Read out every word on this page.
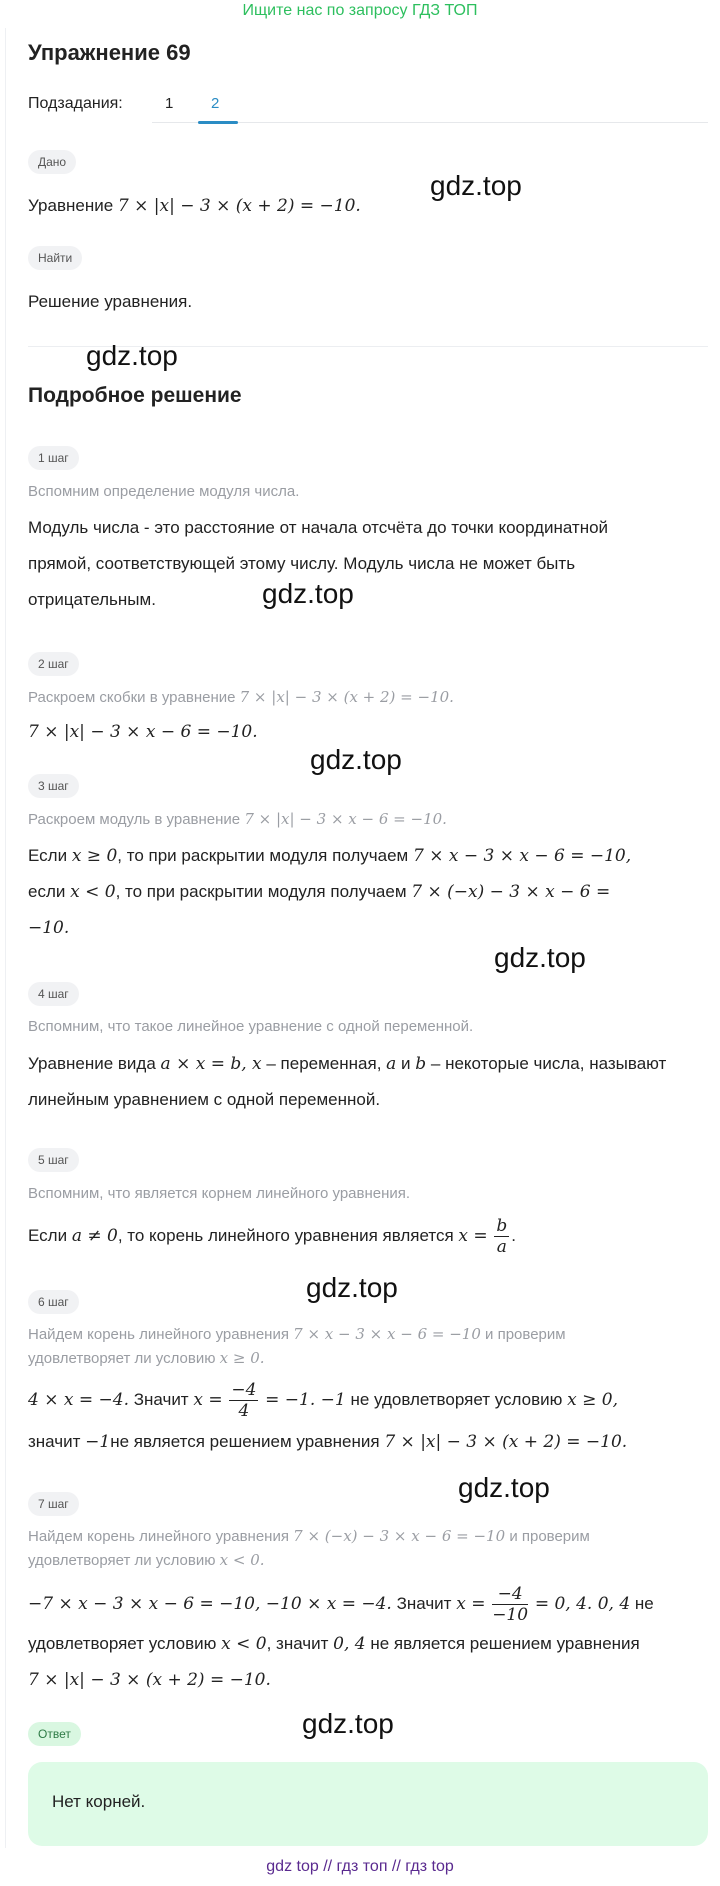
Ищите нас по запросу ГДЗ ТОП
Упражнение 69
Подзадания:	1	2
Дано
Уравнение 7 × |x| − 3 × (x + 2) = −10.
Найти
Решение уравнения.
Подробное решение
1 шаг
Вспомним определение модуля числа.
Модуль числа - это расстояние от начала отсчёта до точки координатной
прямой, соответствующей этому числу. Модуль числа не может быть
отрицательным.
2 шаг
Раскроем скобки в уравнение 7 × |x| − 3 × (x + 2) = −10.
7 × |x| − 3 × x − 6 = −10.
3 шаг
Раскроем модуль в уравнение 7 × |x| − 3 × x − 6 = −10.
Если x ≥ 0, то при раскрытии модуля получаем 7 × x − 3 × x − 6 = −10,
если x < 0, то при раскрытии модуля получаем 7 × (−x) − 3 × x − 6 =
−10.
4 шаг
Вспомним, что такое линейное уравнение с одной переменной.
Уравнение вида a × x = b, x – переменная, a и b – некоторые числа, называют
линейным уравнением с одной переменной.
5 шаг
Вспомним, что является корнем линейного уравнения.
Если a ≠ 0, то корень линейного уравнения является $x = \frac{b}{a}$ .
6 шаг
Найдем корень линейного уравнения 7 × x − 3 × x − 6 = −10 и проверим
удовлетворяет ли условию x ≥ 0.
4 × x = −4. Значит $x = \frac{-4}{4} = -1$. −1 не удовлетворяет условию x ≥ 0,
значит −1не является решением уравнения 7 × |x| − 3 × (x + 2) = −10.
7 шаг
Найдем корень линейного уравнения 7 × (−x) − 3 × x − 6 = −10 и проверим
удовлетворяет ли условию x < 0.
−7 × x − 3 × x − 6 = −10, −10 × x = −4. Значит $x = \frac{-4}{-10} = 0$, 4. 0, 4 не
удовлетворяет условию x < 0, значит 0, 4 не является решением уравнения
7 × |x| − 3 × (x + 2) = −10.
Ответ
Нет корней.
gdz.top
gdz.top
gdz.top
gdz.top
gdz.top
gdz.top
gdz.top
gdz.top
gdz top // гдз топ // гдз top
